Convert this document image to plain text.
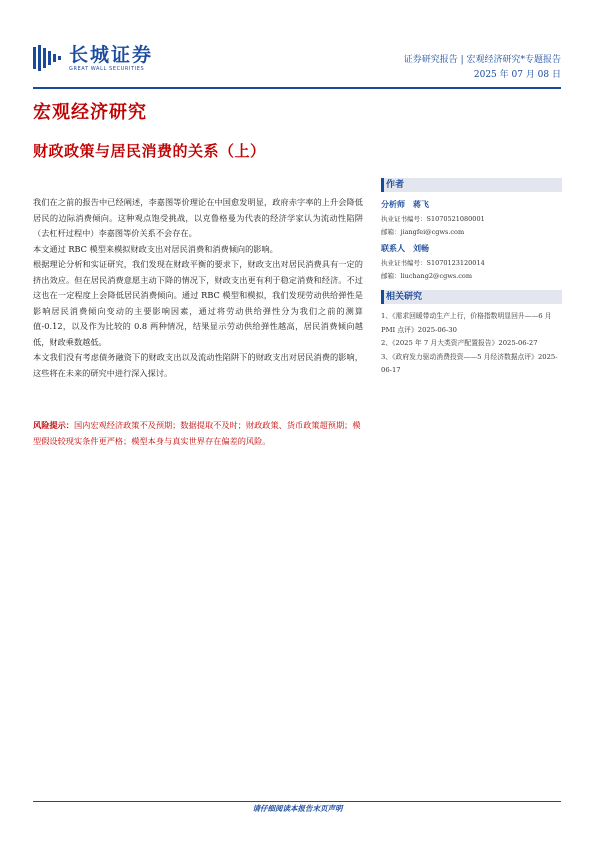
长城证券
GREAT WALL SECURITIES
证券研究报告 | 宏观经济研究*专题报告
2025 年 07 月 08 日
宏观经济研究
财政政策与居民消费的关系（上）

我们在之前的报告中已经阐述，李嘉图等价理论在中国愈发明显，政府赤字率的上升会降低居民的边际消费倾向。这种观点饱受挑战，以克鲁格曼为代表的经济学家认为流动性陷阱（去杠杆过程中）李嘉图等价关系不会存在。

本文通过 RBC 模型来模拟财政支出对居民消费和消费倾向的影响。

根据理论分析和实证研究，我们发现在财政平衡的要求下，财政支出对居民消费具有一定的挤出效应。但在居民消费意愿主动下降的情况下，财政支出更有利于稳定消费和经济。不过这也在一定程度上会降低居民消费倾向。通过 RBC 模型和模拟，我们发现劳动供给弹性是影响居民消费倾向变动的主要影响因素，通过将劳动供给弹性分为我们之前的测算值-0.12，以及作为比较的 0.8 两种情况，结果显示劳动供给弹性越高，居民消费倾向越低，财政乘数越低。

本文我们没有考虑债务融资下的财政支出以及流动性陷阱下的财政支出对居民消费的影响，这些将在未来的研究中进行深入探讨。

风险提示：国内宏观经济政策不及预期；数据提取不及时；财政政策、货币政策超预期；模型假设较现实条件更严格；模型本身与真实世界存在偏差的风险。
作者
分析师 蒋飞
执业证书编号：S1070521080001
邮箱：jiangfei@cgws.com
联系人 刘畅
执业证书编号：S1070123120014
邮箱：liuchang2@cgws.com
相关研究
1、《需求回暖带动生产上行，价格指数明显回升——6 月 PMI 点评》2025-06-30
2、《2025 年 7 月大类资产配置报告》2025-06-27
3、《政府发力驱动消费投资——5 月经济数据点评》2025-06-17
请仔细阅读本报告末页声明
